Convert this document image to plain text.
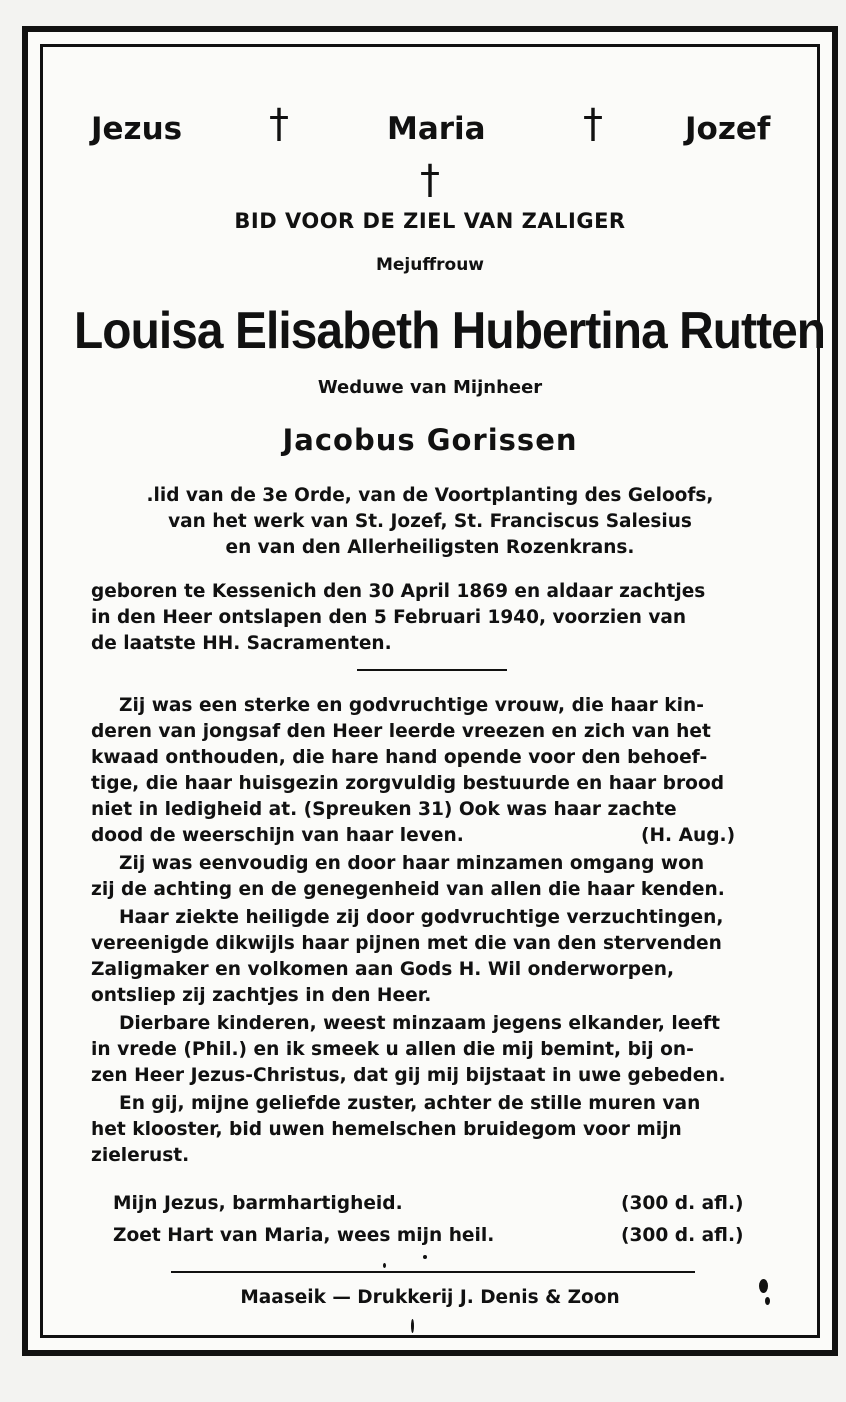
Jezus †	Maria †	Jozef
†
BID VOOR DE ZIEL VAN ZALIGER
Mejuffrouw
Louisa Elisabeth Hubertina Rutten
Weduwe van Mijnheer
Jacobus Gorissen
.lid van de 3e Orde, van de Voortplanting des Geloofs,
van het werk van St. Jozef, St. Franciscus Salesius
en van den Allerheiligsten Rozenkrans.
geboren te Kessenich den 30 April 1869 en aldaar zachtjes
in den Heer ontslapen den 5 Februari 1940, voorzien van
de laatste HH. Sacramenten.
Zij was een sterke en godvruchtige vrouw, die haar kin-
deren van jongsaf den Heer leerde vreezen en zich van het
kwaad onthouden, die hare hand opende voor den behoef-
tige, die haar huisgezin zorgvuldig bestuurde en haar brood
niet in ledigheid at. (Spreuken 31) Ook was haar zachte
dood de weerschijn van haar leven.	(H. Aug.)
Zij was eenvoudig en door haar minzamen omgang won
zij de achting en de genegenheid van allen die haar kenden.
Haar ziekte heiligde zij door godvruchtige verzuchtingen,
vereenigde dikwijls haar pijnen met die van den stervenden
Zaligmaker en volkomen aan Gods H. Wil onderworpen,
ontsliep zij zachtjes in den Heer.
Dierbare kinderen, weest minzaam jegens elkander, leeft
in vrede (Phil.) en ik smeek u allen die mij bemint, bij on-
zen Heer Jezus-Christus, dat gij mij bijstaat in uwe gebeden.
En gij, mijne geliefde zuster, achter de stille muren van
het klooster, bid uwen hemelschen bruidegom voor mijn
zielerust.
Mijn Jezus, barmhartigheid.	(300 d. afl.)
Zoet Hart van Maria, wees mijn heil.	(300 d. afl.)
Maaseik — Drukkerij J. Denis & Zoon
